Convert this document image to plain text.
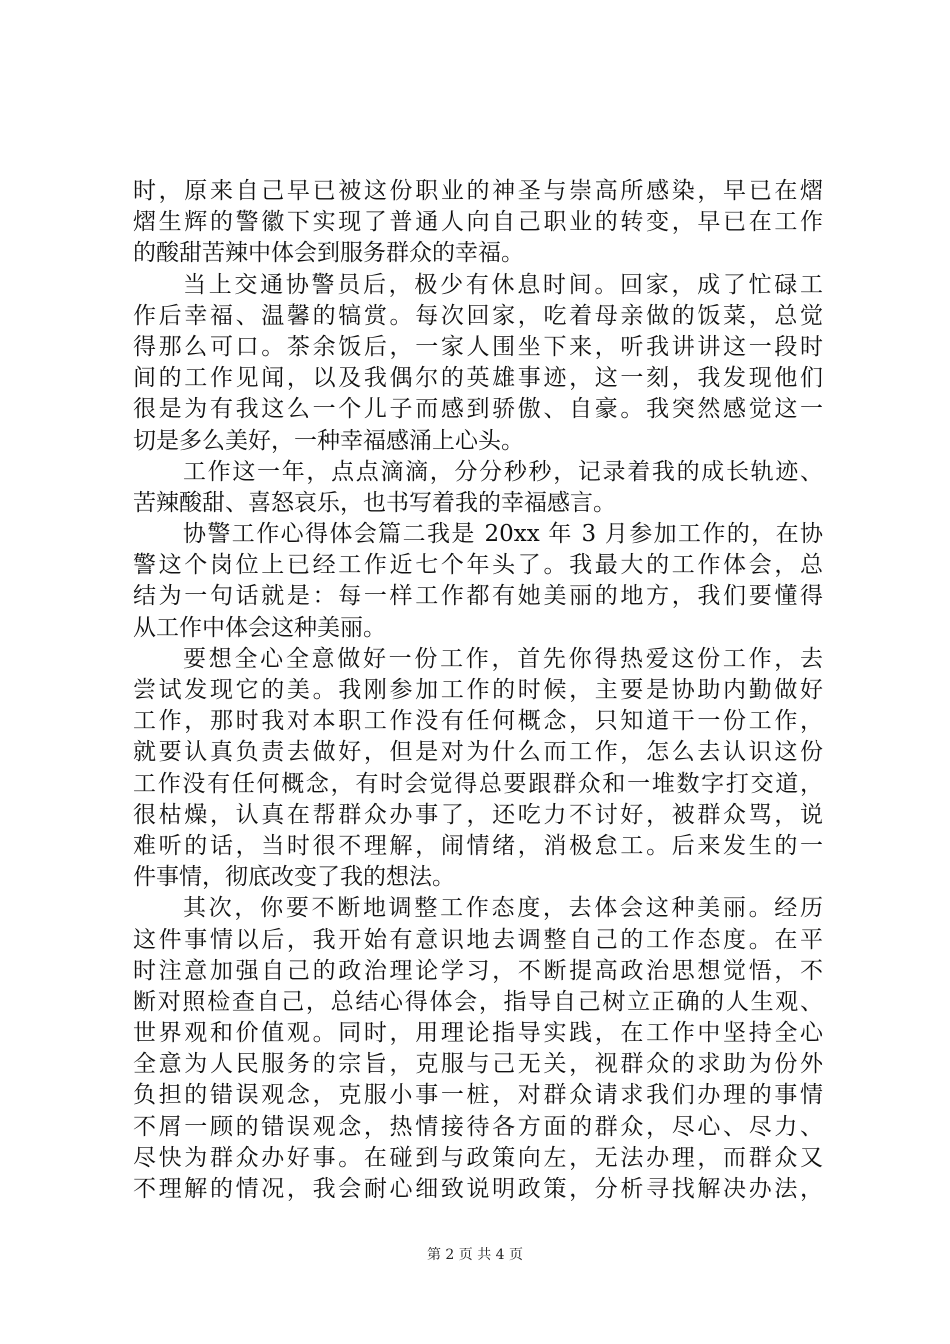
时，原来自己早已被这份职业的神圣与崇高所感染，早已在熠
熠生辉的警徽下实现了普通人向自己职业的转变，早已在工作
的酸甜苦辣中体会到服务群众的幸福。
当上交通协警员后，极少有休息时间。回家，成了忙碌工
作后幸福、温馨的犒赏。每次回家，吃着母亲做的饭菜，总觉
得那么可口。茶余饭后，一家人围坐下来，听我讲讲这一段时
间的工作见闻，以及我偶尔的英雄事迹，这一刻，我发现他们
很是为有我这么一个儿子而感到骄傲、自豪。我突然感觉这一
切是多么美好，一种幸福感涌上心头。
工作这一年，点点滴滴，分分秒秒，记录着我的成长轨迹、
苦辣酸甜、喜怒哀乐，也书写着我的幸福感言。
协警工作心得体会篇二我是 20xx 年 3 月参加工作的，在协
警这个岗位上已经工作近七个年头了。我最大的工作体会，总
结为一句话就是：每一样工作都有她美丽的地方，我们要懂得
从工作中体会这种美丽。
要想全心全意做好一份工作，首先你得热爱这份工作，去
尝试发现它的美。我刚参加工作的时候，主要是协助内勤做好
工作，那时我对本职工作没有任何概念，只知道干一份工作，
就要认真负责去做好，但是对为什么而工作，怎么去认识这份
工作没有任何概念，有时会觉得总要跟群众和一堆数字打交道，
很枯燥，认真在帮群众办事了，还吃力不讨好，被群众骂，说
难听的话，当时很不理解，闹情绪，消极怠工。后来发生的一
件事情，彻底改变了我的想法。
其次，你要不断地调整工作态度，去体会这种美丽。经历
这件事情以后，我开始有意识地去调整自己的工作态度。在平
时注意加强自己的政治理论学习，不断提高政治思想觉悟，不
断对照检查自己，总结心得体会，指导自己树立正确的人生观、
世界观和价值观。同时，用理论指导实践，在工作中坚持全心
全意为人民服务的宗旨，克服与己无关，视群众的求助为份外
负担的错误观念，克服小事一桩，对群众请求我们办理的事情
不屑一顾的错误观念，热情接待各方面的群众，尽心、尽力、
尽快为群众办好事。在碰到与政策向左，无法办理，而群众又
不理解的情况，我会耐心细致说明政策，分析寻找解决办法，
第 2 页 共 4 页
